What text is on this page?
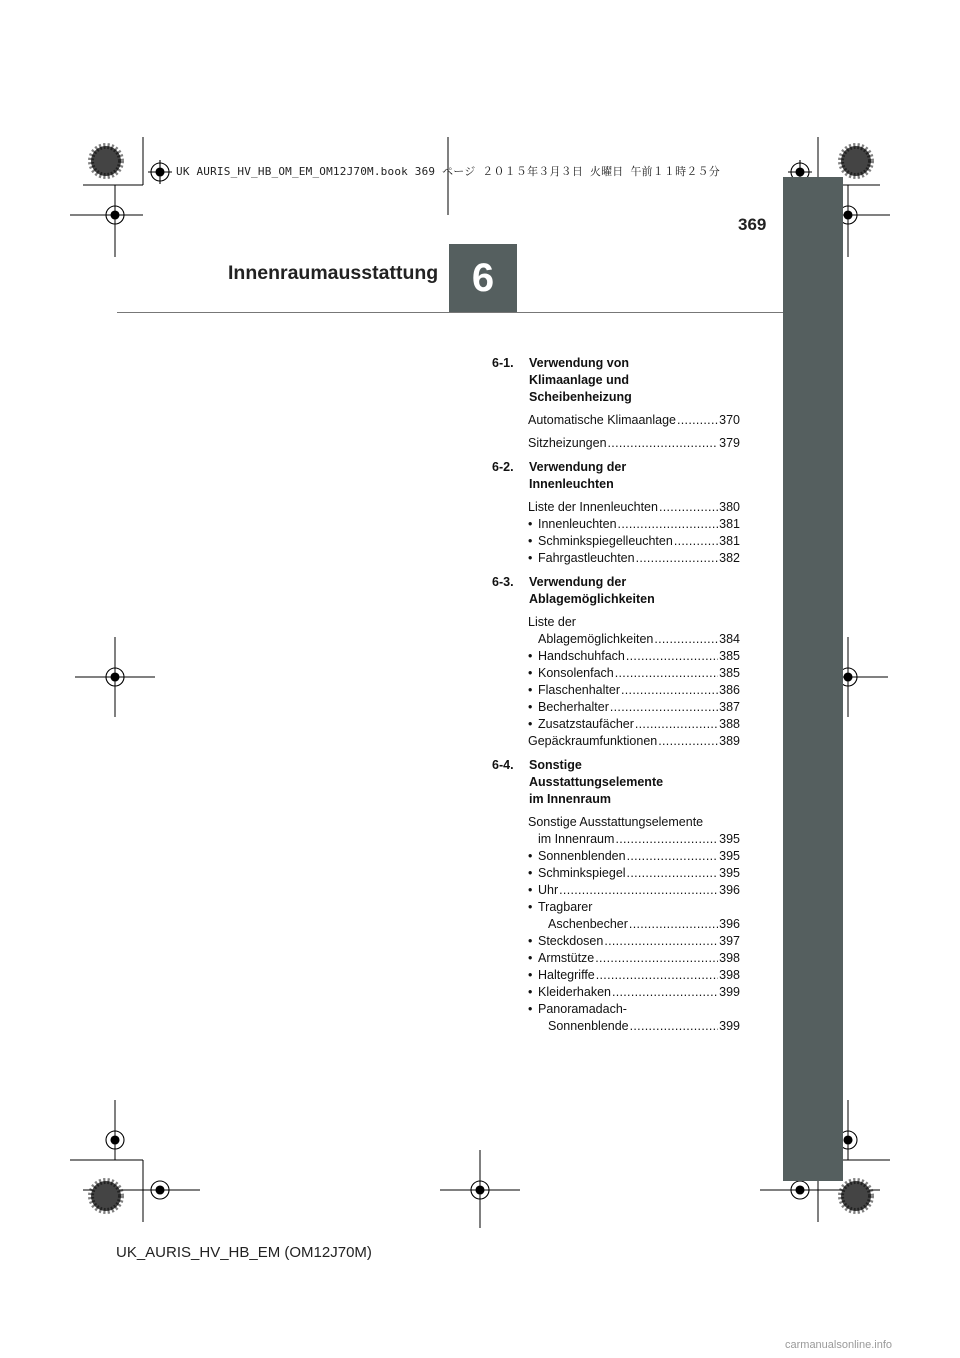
UK AURIS_HV_HB_OM_EM_OM12J70M.book 369 ページ ２０１５年３月３日 火曜日 午前１１時２５分
369
Innenraumausstattung 6
6-1.	Verwendung von
Klimaanlage und
Scheibenheizung
Automatische Klimaanlage .....	370
Sitzheizungen .....	379
6-2.	Verwendung der
Innenleuchten
Liste der Innenleuchten .....	380
• Innenleuchten .....	381
• Schminkspiegelleuchten .....	381
• Fahrgastleuchten .....	382
6-3.	Verwendung der
Ablagemöglichkeiten
Liste der
Ablagemöglichkeiten .....	384
• Handschuhfach .....	385
• Konsolenfach .....	385
• Flaschenhalter .....	386
• Becherhalter .....	387
• Zusatzstaufächer .....	388
Gepäckraumfunktionen .....	389
6-4.	Sonstige
Ausstattungselemente
im Innenraum
Sonstige Ausstattungselemente
im Innenraum .....	395
• Sonnenblenden .....	395
• Schminkspiegel .....	395
• Uhr .....	396
• Tragbarer
Aschenbecher .....	396
• Steckdosen .....	397
• Armstütze .....	398
• Haltegriffe .....	398
• Kleiderhaken .....	399
• Panoramadach-
Sonnenblende .....	399
UK_AURIS_HV_HB_EM (OM12J70M)
carmanualsonline.info
